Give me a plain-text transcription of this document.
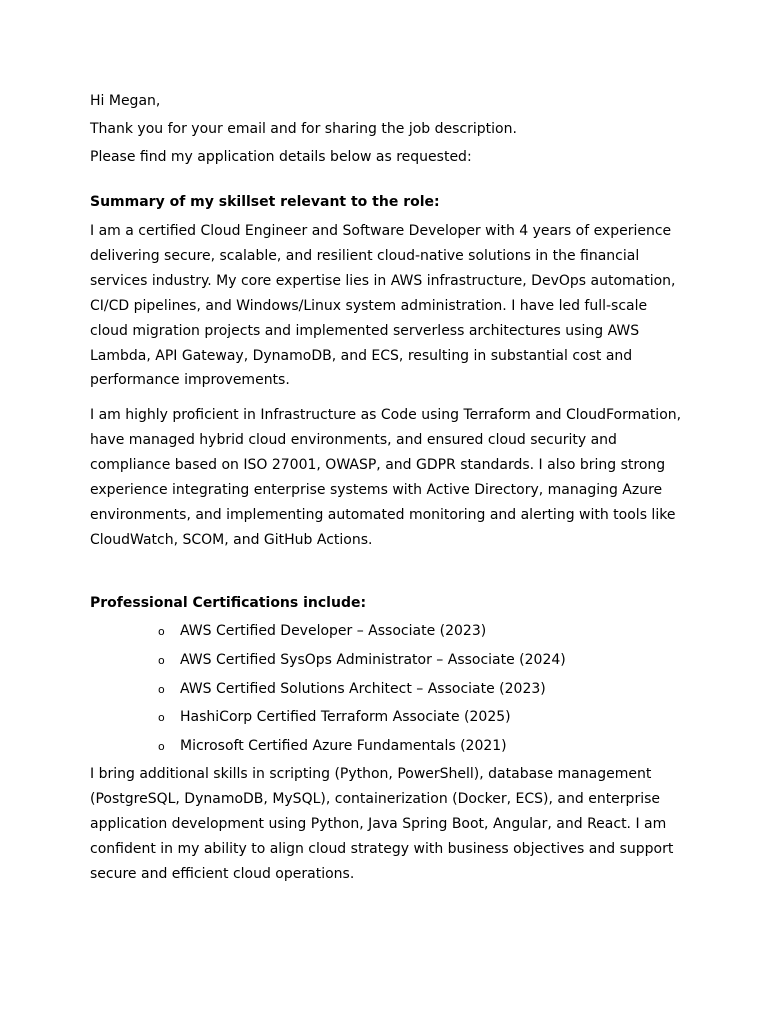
Hi Megan,
Thank you for your email and for sharing the job description.
Please find my application details below as requested:
Summary of my skillset relevant to the role:
I am a certified Cloud Engineer and Software Developer with 4 years of experience
delivering secure, scalable, and resilient cloud-native solutions in the financial
services industry. My core expertise lies in AWS infrastructure, DevOps automation,
CI/CD pipelines, and Windows/Linux system administration. I have led full-scale
cloud migration projects and implemented serverless architectures using AWS
Lambda, API Gateway, DynamoDB, and ECS, resulting in substantial cost and
performance improvements.
I am highly proficient in Infrastructure as Code using Terraform and CloudFormation,
have managed hybrid cloud environments, and ensured cloud security and
compliance based on ISO 27001, OWASP, and GDPR standards. I also bring strong
experience integrating enterprise systems with Active Directory, managing Azure
environments, and implementing automated monitoring and alerting with tools like
CloudWatch, SCOM, and GitHub Actions.
Professional Certifications include:
o AWS Certified Developer – Associate (2023)
o AWS Certified SysOps Administrator – Associate (2024)
o AWS Certified Solutions Architect – Associate (2023)
o HashiCorp Certified Terraform Associate (2025)
o Microsoft Certified Azure Fundamentals (2021)
I bring additional skills in scripting (Python, PowerShell), database management
(PostgreSQL, DynamoDB, MySQL), containerization (Docker, ECS), and enterprise
application development using Python, Java Spring Boot, Angular, and React. I am
confident in my ability to align cloud strategy with business objectives and support
secure and efficient cloud operations.
